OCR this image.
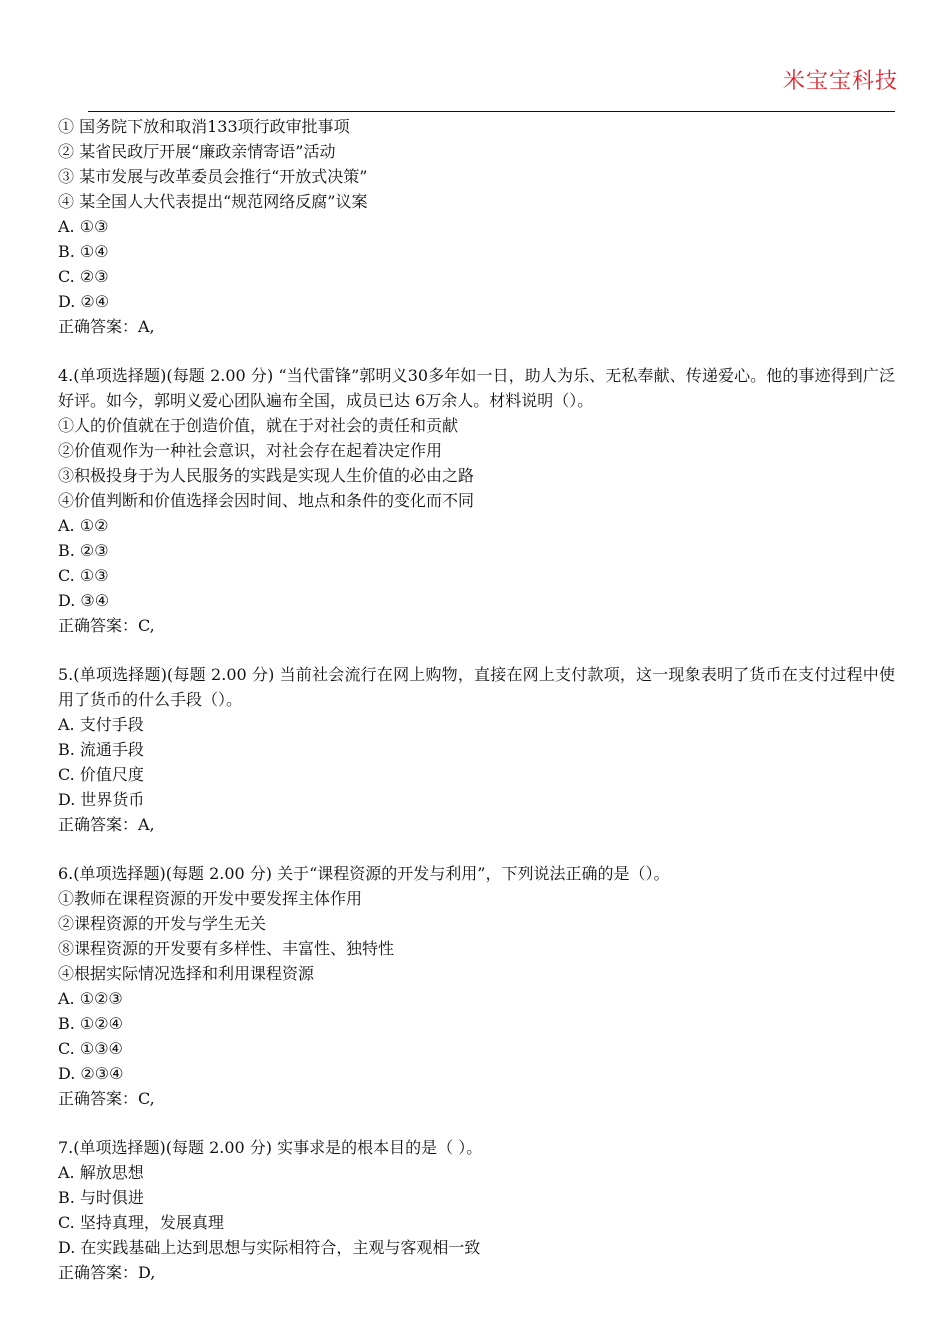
米宝宝科技
① 国务院下放和取消133项行政审批事项
② 某省民政厅开展“廉政亲情寄语”活动
③ 某市发展与改革委员会推行“开放式决策”
④ 某全国人大代表提出“规范网络反腐”议案
A. ①③
B. ①④
C. ②③
D. ②④
正确答案：A,
4.(单项选择题)(每题 2.00 分) “当代雷锋”郭明义30多年如一日，助人为乐、无私奉献、传递爱心。他的事迹得到广泛好评。如今，郭明义爱心团队遍布全国，成员已达 6万余人。材料说明（）。
①人的价值就在于创造价值，就在于对社会的责任和贡献
②价值观作为一种社会意识，对社会存在起着决定作用
③积极投身于为人民服务的实践是实现人生价值的必由之路
④价值判断和价值选择会因时间、地点和条件的变化而不同
A. ①②
B. ②③
C. ①③
D. ③④
正确答案：C,
5.(单项选择题)(每题 2.00 分) 当前社会流行在网上购物，直接在网上支付款项，这一现象表明了货币在支付过程中使用了货币的什么手段（）。
A. 支付手段
B. 流通手段
C. 价值尺度
D. 世界货币
正确答案：A,
6.(单项选择题)(每题 2.00 分) 关于“课程资源的开发与利用”，下列说法正确的是（）。
①教师在课程资源的开发中要发挥主体作用
②课程资源的开发与学生无关
⑧课程资源的开发要有多样性、丰富性、独特性
④根据实际情况选择和利用课程资源
A. ①②③
B. ①②④
C. ①③④
D. ②③④
正确答案：C,
7.(单项选择题)(每题 2.00 分) 实事求是的根本目的是（ ）。
A. 解放思想
B. 与时俱进
C. 坚持真理，发展真理
D. 在实践基础上达到思想与实际相符合，主观与客观相一致
正确答案：D,
